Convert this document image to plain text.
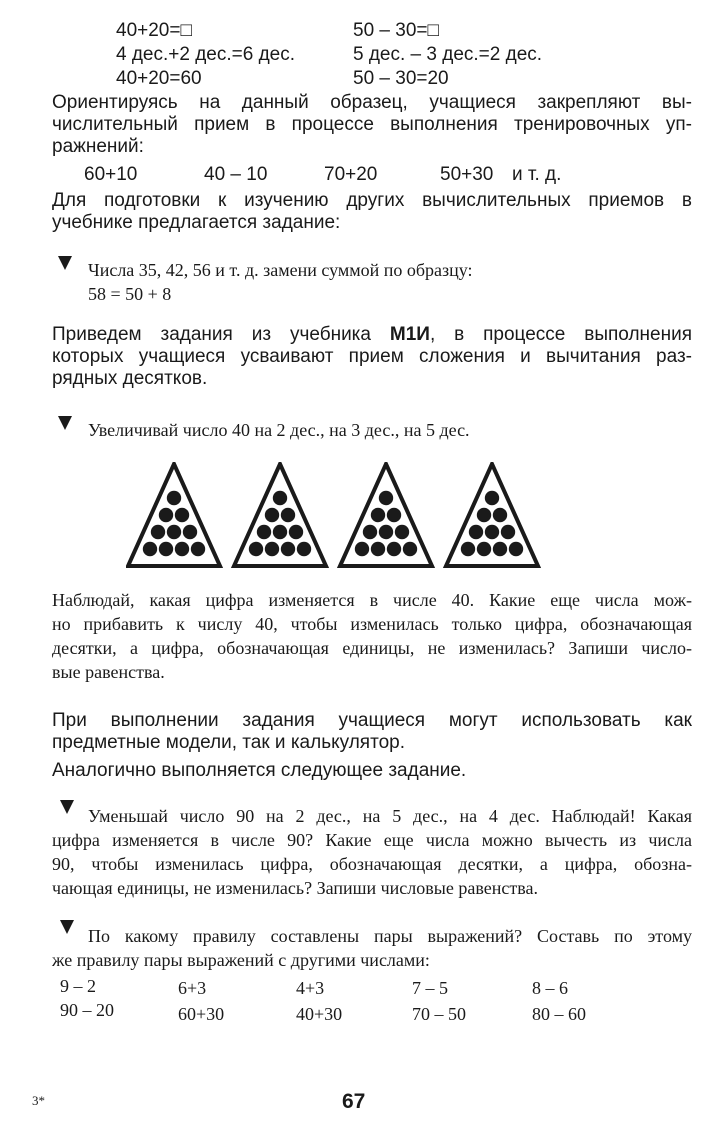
40+20=□	50 – 30=□
4 дес.+2 дес.=6 дес.	5 дес. – 3 дес.=2 дес.
40+20=60	50 – 30=20
Ориентируясь на данный образец, учащиеся закрепляют вы-
числительный прием в процессе выполнения тренировочных уп-
ражнений:
60+10	40 – 10	70+20	50+30 и т. д.
Для подготовки к изучению других вычислительных приемов в
учебнике предлагается задание:
Числа 35, 42, 56 и т. д. замени суммой по образцу:
58 = 50 + 8
Приведем задания из учебника М1И, в процессе выполнения
которых учащиеся усваивают прием сложения и вычитания раз-
рядных десятков.
Увеличивай число 40 на 2 дес., на 3 дес., на 5 дес.
Наблюдай, какая цифра изменяется в числе 40. Какие еще числа мож-
но прибавить к числу 40, чтобы изменилась только цифра, обозначающая
десятки, а цифра, обозначающая единицы, не изменилась? Запиши число-
вые равенства.
При выполнении задания учащиеся могут использовать как
предметные модели, так и калькулятор.
Аналогично выполняется следующее задание.
Уменьшай число 90 на 2 дес., на 5 дес., на 4 дес. Наблюдай! Какая
цифра изменяется в числе 90? Какие еще числа можно вычесть из числа
90, чтобы изменилась цифра, обозначающая десятки, а цифра, обозна-
чающая единицы, не изменилась? Запиши числовые равенства.
По какому правилу составлены пары выражений? Составь по этому
же правилу пары выражений с другими числами:
9 – 2	6+3	4+3	7 – 5	8 – 6
90 – 20	60+30	40+30	70 – 50	80 – 60
3*	67
